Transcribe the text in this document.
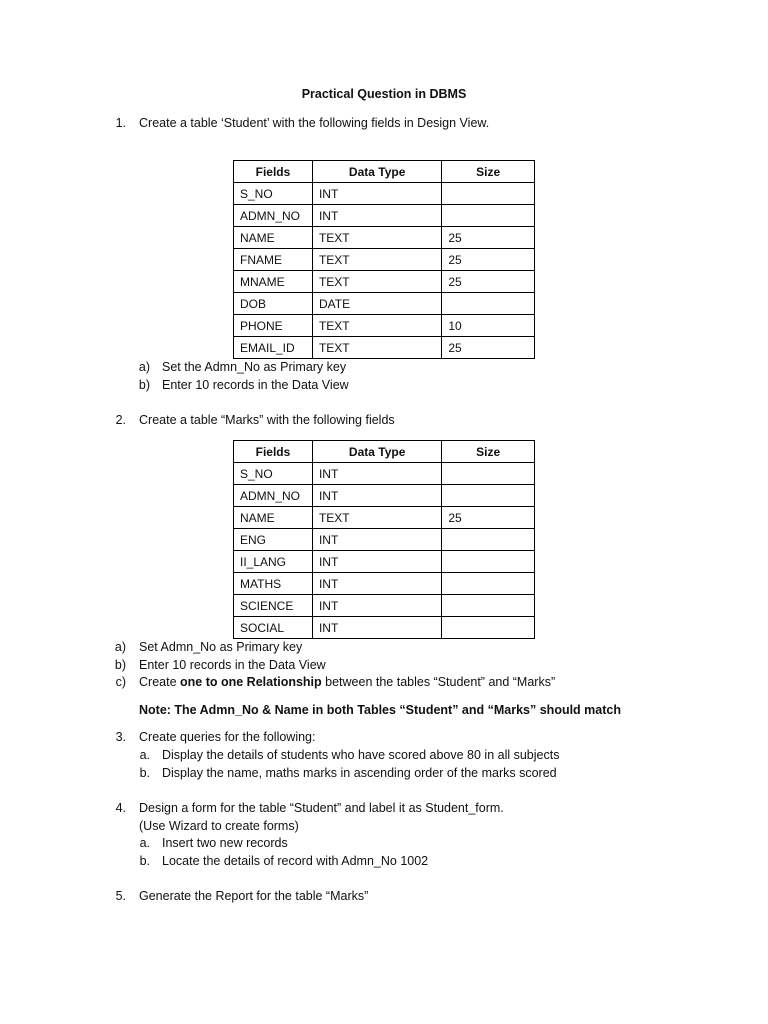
Practical Question in DBMS
1. Create a table ‘Student’ with the following fields in Design View.
Fields	Data Type	Size
S_NO	INT	
ADMN_NO	INT	
NAME	TEXT	25
FNAME	TEXT	25
MNAME	TEXT	25
DOB	DATE	
PHONE	TEXT	10
EMAIL_ID	TEXT	25
a) Set the Admn_No as Primary key
b) Enter 10 records in the Data View
2. Create a table “Marks” with the following fields
Fields	Data Type	Size
S_NO	INT	
ADMN_NO	INT	
NAME	TEXT	25
ENG	INT	
II_LANG	INT	
MATHS	INT	
SCIENCE	INT	
SOCIAL	INT	
a) Set Admn_No as Primary key
b) Enter 10 records in the Data View
c) Create one to one Relationship between the tables “Student” and “Marks”
Note: The Admn_No & Name in both Tables “Student” and “Marks” should match
3. Create queries for the following:
a. Display the details of students who have scored above 80 in all subjects
b. Display the name, maths marks in ascending order of the marks scored
4. Design a form for the table “Student” and label it as Student_form.
(Use Wizard to create forms)
a. Insert two new records
b. Locate the details of record with Admn_No 1002
5. Generate the Report for the table “Marks”
